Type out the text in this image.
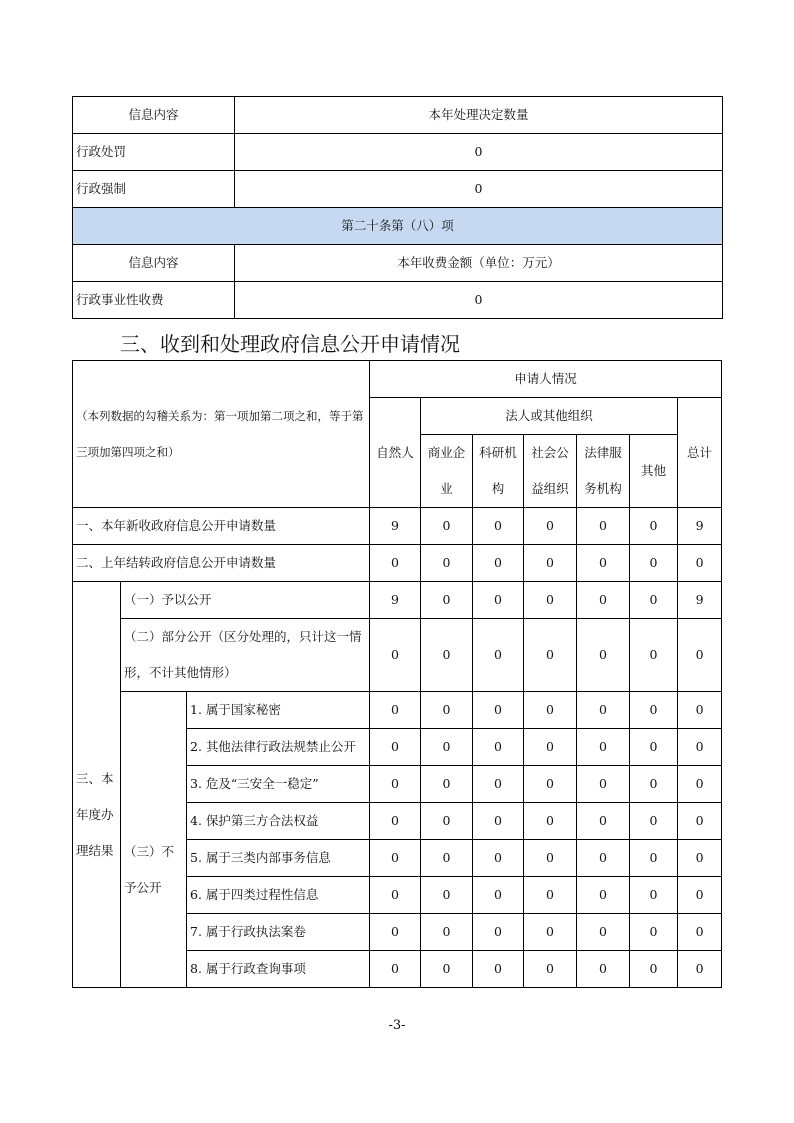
信息内容	本年处理决定数量
行政处罚	0
行政强制	0
第二十条第（八）项	
信息内容	本年收费金额（单位：万元）
行政事业性收费	0
三、收到和处理政府信息公开申请情况
（本列数据的勾稽关系为：第一项加第二项之和，等于第三项加第四项之和）			申请人情况						
			自然人	法人或其他组织					总计
				商业企业	科研机构	社会公益组织	法律服务机构	其他	
一、本年新收政府信息公开申请数量			9	0	0	0	0	0	9
二、上年结转政府信息公开申请数量			0	0	0	0	0	0	0
三、本年度办理结果	（一）予以公开		9	0	0	0	0	0	9
	（二）部分公开（区分处理的，只计这一情形，不计其他情形）		0	0	0	0	0	0	0
	（三）不予公开	1. 属于国家秘密	0	0	0	0	0	0	0
		2. 其他法律行政法规禁止公开	0	0	0	0	0	0	0
		3. 危及“三安全一稳定”	0	0	0	0	0	0	0
		4. 保护第三方合法权益	0	0	0	0	0	0	0
		5. 属于三类内部事务信息	0	0	0	0	0	0	0
		6. 属于四类过程性信息	0	0	0	0	0	0	0
		7. 属于行政执法案卷	0	0	0	0	0	0	0
		8. 属于行政查询事项	0	0	0	0	0	0	0
-3-
